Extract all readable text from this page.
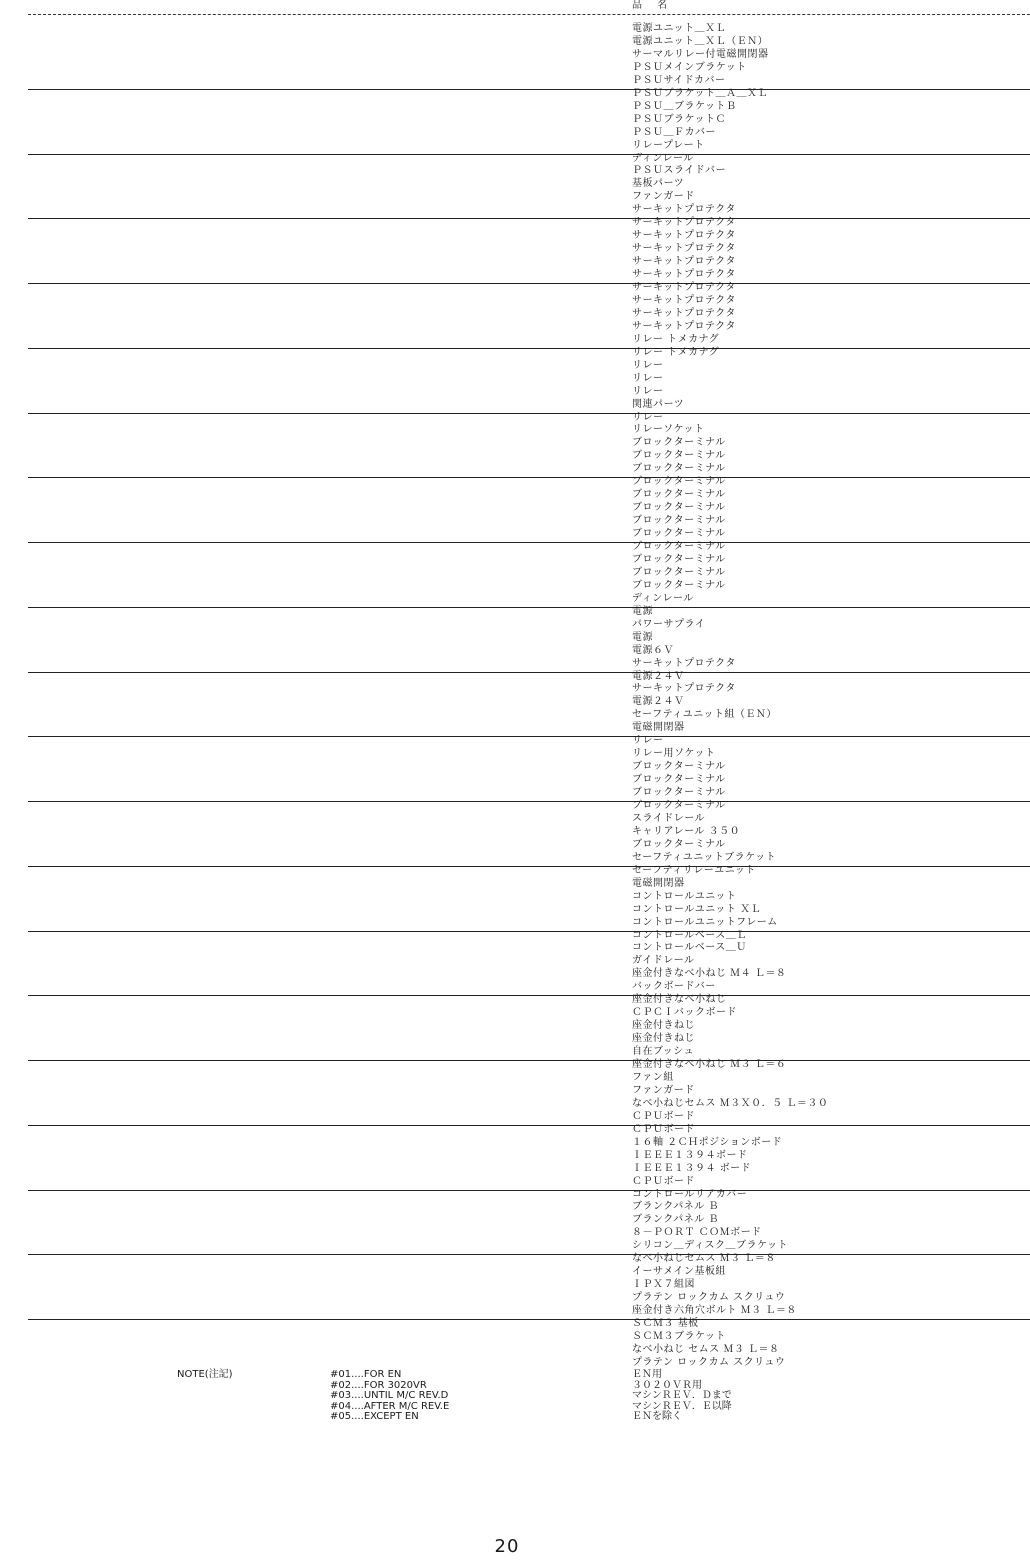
品 名
電源ユニット＿ＸＬ
電源ユニット＿ＸＬ（ＥＮ）
サーマルリレー付電磁開閉器
ＰＳＵメインブラケット
ＰＳＵサイドカバー
ＰＳＵブラケット＿Ａ＿ＸＬ
ＰＳＵ＿ブラケットＢ
ＰＳＵブラケットＣ
ＰＳＵ＿Ｆカバー
リレープレート
ディンレール
ＰＳＵスライドバー
基板パーツ
ファンガード
サーキットプロテクタ
サーキットプロテクタ
サーキットプロテクタ
サーキットプロテクタ
サーキットプロテクタ
サーキットプロテクタ
サーキットプロテクタ
サーキットプロテクタ
サーキットプロテクタ
サーキットプロテクタ
リレー トメカナグ
リレー トメカナグ
リレー
リレー
リレー
関連パーツ
リレー
リレーソケット
ブロックターミナル
ブロックターミナル
ブロックターミナル
ブロックターミナル
ブロックターミナル
ブロックターミナル
ブロックターミナル
ブロックターミナル
ブロックターミナル
ブロックターミナル
ブロックターミナル
ブロックターミナル
ディンレール
電源
パワーサプライ
電源
電源６Ｖ
サーキットプロテクタ
電源２４Ｖ
サーキットプロテクタ
電源２４Ｖ
セーフティユニット組（ＥＮ）
電磁開閉器
リレー
リレー用ソケット
ブロックターミナル
ブロックターミナル
ブロックターミナル
ブロックターミナル
スライドレール
キャリアレール ３５０
ブロックターミナル
セーフティユニットブラケット
セーフティリレーユニット
電磁開閉器
コントロールユニット
コントロールユニット ＸＬ
コントロールユニットフレーム
コントロールベース＿Ｌ
コントロールベース＿Ｕ
ガイドレール
座金付きなべ小ねじ Ｍ４ Ｌ＝８
バックボードバー
座金付きなべ小ねじ
ＣＰＣＩバックボード
座金付きねじ
座金付きねじ
自在ブッシュ
座金付きなべ小ねじ Ｍ３ Ｌ＝６
ファン組
ファンガード
なべ小ねじセムス Ｍ３Ｘ０．５ Ｌ＝３０
ＣＰＵボード
ＣＰＵボード
１６軸 ２ＣＨポジションボード
ＩＥＥＥ１３９４ボード
ＩＥＥＥ１３９４ ボード
ＣＰＵボード
コントロールリアカバー
ブランクパネル Ｂ
ブランクパネル Ｂ
８－ＰＯＲＴ ＣＯＭボード
シリコン＿ディスク＿ブラケット
なべ小ねじセムス Ｍ３ Ｌ＝８
イーサメイン基板組
ＩＰＸ７組図
プラテン ロックカム スクリュウ
座金付き六角穴ボルト Ｍ３ Ｌ＝８
ＳＣＭ３ 基板
ＳＣＭ３ブラケット
なべ小ねじ セムス Ｍ３ Ｌ＝８
プラテン ロックカム スクリュウ
NOTE(注記)	#01....FOR EN	ＥＮ用
#02....FOR 3020VR	３０２０ＶＲ用
#03....UNTIL M/C REV.D	マシンＲＥＶ．Ｄまで
#04....AFTER M/C REV.E	マシンＲＥＶ．Ｅ以降
#05....EXCEPT EN	ＥＮを除く
20
